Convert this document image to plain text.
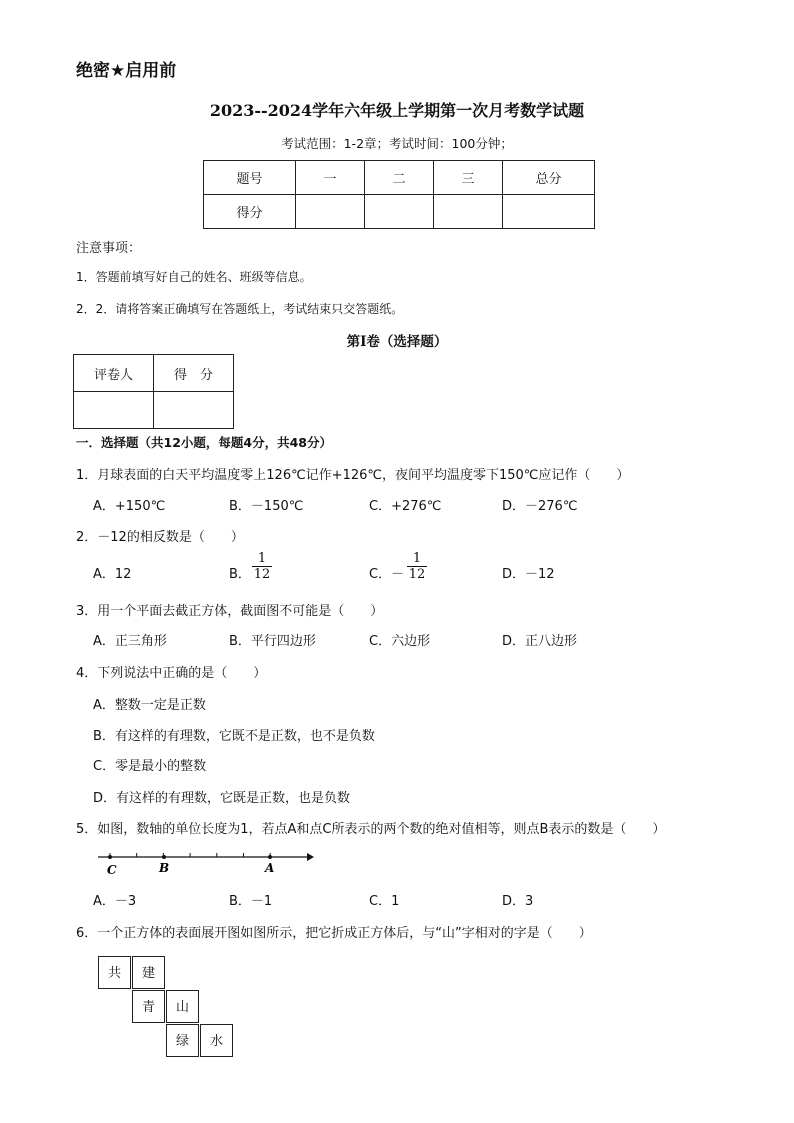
绝密★启用前
2023--2024学年六年级上学期第一次月考数学试题
考试范围：1-2章；考试时间：100分钟；
题号	一	二	三	总分
得分				
注意事项：
1．答题前填写好自己的姓名、班级等信息。
2．2．请将答案正确填写在答题纸上，考试结束只交答题纸。
第Ⅰ卷（选择题）
评卷人	得　分

一．选择题（共12小题，每题4分，共48分）
1．月球表面的白天平均温度零上126℃记作+126℃，夜间平均温度零下150℃应记作（　　）
A．+150℃	B．－150℃	C．+276℃	D．－276℃
2．－12的相反数是（　　）
A．12	B．
1
12	C．－
1
12	D．－12
3．用一个平面去截正方体，截面图不可能是（　　）
A．正三角形	B．平行四边形	C．六边形	D．正八边形
4．下列说法中正确的是（　　）
A．整数一定是正数
B．有这样的有理数，它既不是正数，也不是负数
C．零是最小的整数
D．有这样的有理数，它既是正数，也是负数
5．如图，数轴的单位长度为1，若点A和点C所表示的两个数的绝对值相等，则点B表示的数是（　　）
C	B	A
A．－3	B．－1	C．1	D．3
6．一个正方体的表面展开图如图所示，把它折成正方体后，与“山”字相对的字是（　　）
共	建
青	山
绿	水
